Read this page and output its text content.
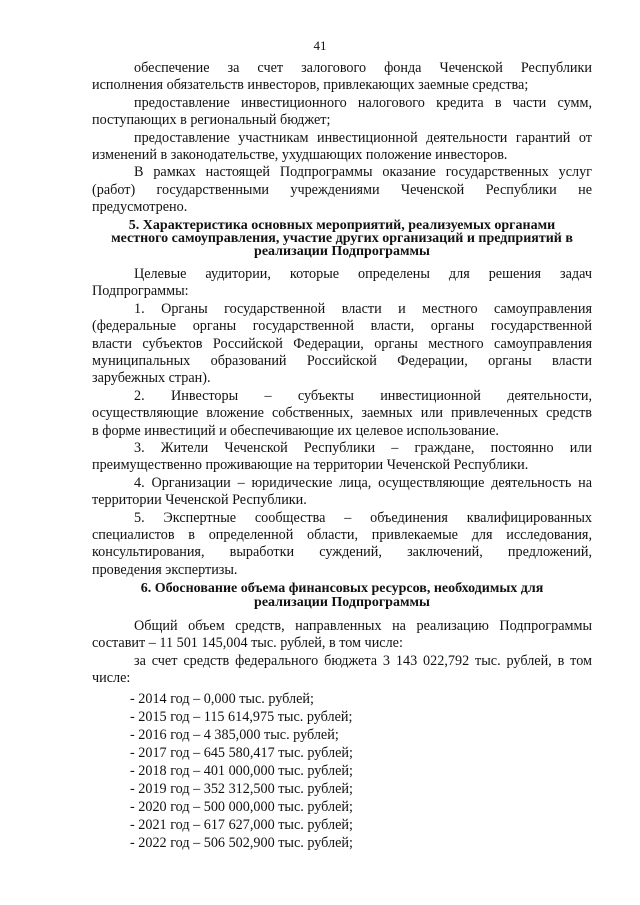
41

обеспечение за счет залогового фонда Чеченской Республики

исполнения обязательств инвесторов, привлекающих заемные средства;

предоставление инвестиционного налогового кредита в части сумм,

поступающих в региональный бюджет;

предоставление участникам инвестиционной деятельности гарантий от

изменений в законодательстве, ухудшающих положение инвесторов.

В рамках настоящей Подпрограммы оказание государственных услуг

(работ) государственными учреждениями Чеченской Республики не

предусмотрено.

5. Характеристика основных мероприятий, реализуемых органами
местного самоуправления, участие других организаций и предприятий в
реализации Подпрограммы

Целевые аудитории, которые определены для решения задач

Подпрограммы:

1. Органы государственной власти и местного самоуправления

(федеральные органы государственной власти, органы государственной

власти субъектов Российской Федерации, органы местного самоуправления

муниципальных образований Российской Федерации, органы власти

зарубежных стран).

2. Инвесторы – субъекты инвестиционной деятельности,

осуществляющие вложение собственных, заемных или привлеченных средств

в форме инвестиций и обеспечивающие их целевое использование.

3. Жители Чеченской Республики – граждане, постоянно или

преимущественно проживающие на территории Чеченской Республики.

4. Организации – юридические лица, осуществляющие деятельность на

территории Чеченской Республики.

5. Экспертные сообщества – объединения квалифицированных

специалистов в определенной области, привлекаемые для исследования,

консультирования, выработки суждений, заключений, предложений,

проведения экспертизы.

6. Обоснование объема финансовых ресурсов, необходимых для
реализации Подпрограммы

Общий объем средств, направленных на реализацию Подпрограммы

составит – 11 501 145,004 тыс. рублей, в том числе:

за счет средств федерального бюджета 3 143 022,792 тыс. рублей, в том

числе:

- 2014 год – 0,000 тыс. рублей;
- 2015 год – 115 614,975 тыс. рублей;
- 2016 год – 4 385,000 тыс. рублей;
- 2017 год – 645 580,417 тыс. рублей;
- 2018 год – 401 000,000 тыс. рублей;
- 2019 год – 352 312,500 тыс. рублей;
- 2020 год – 500 000,000 тыс. рублей;
- 2021 год – 617 627,000 тыс. рублей;
- 2022 год – 506 502,900 тыс. рублей;
